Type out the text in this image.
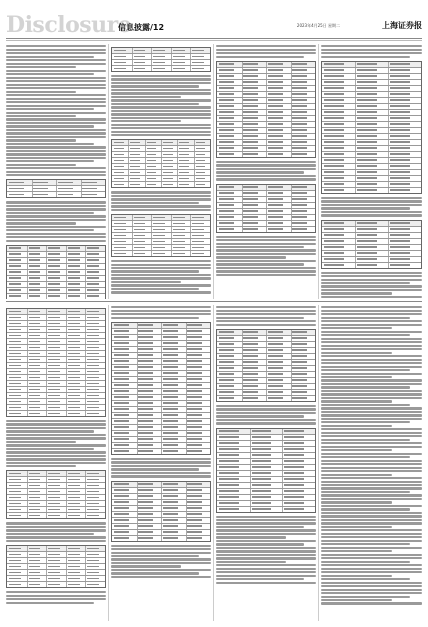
Disclosure
信息披露/12	2023年4月25日 星期二	上海证券报
